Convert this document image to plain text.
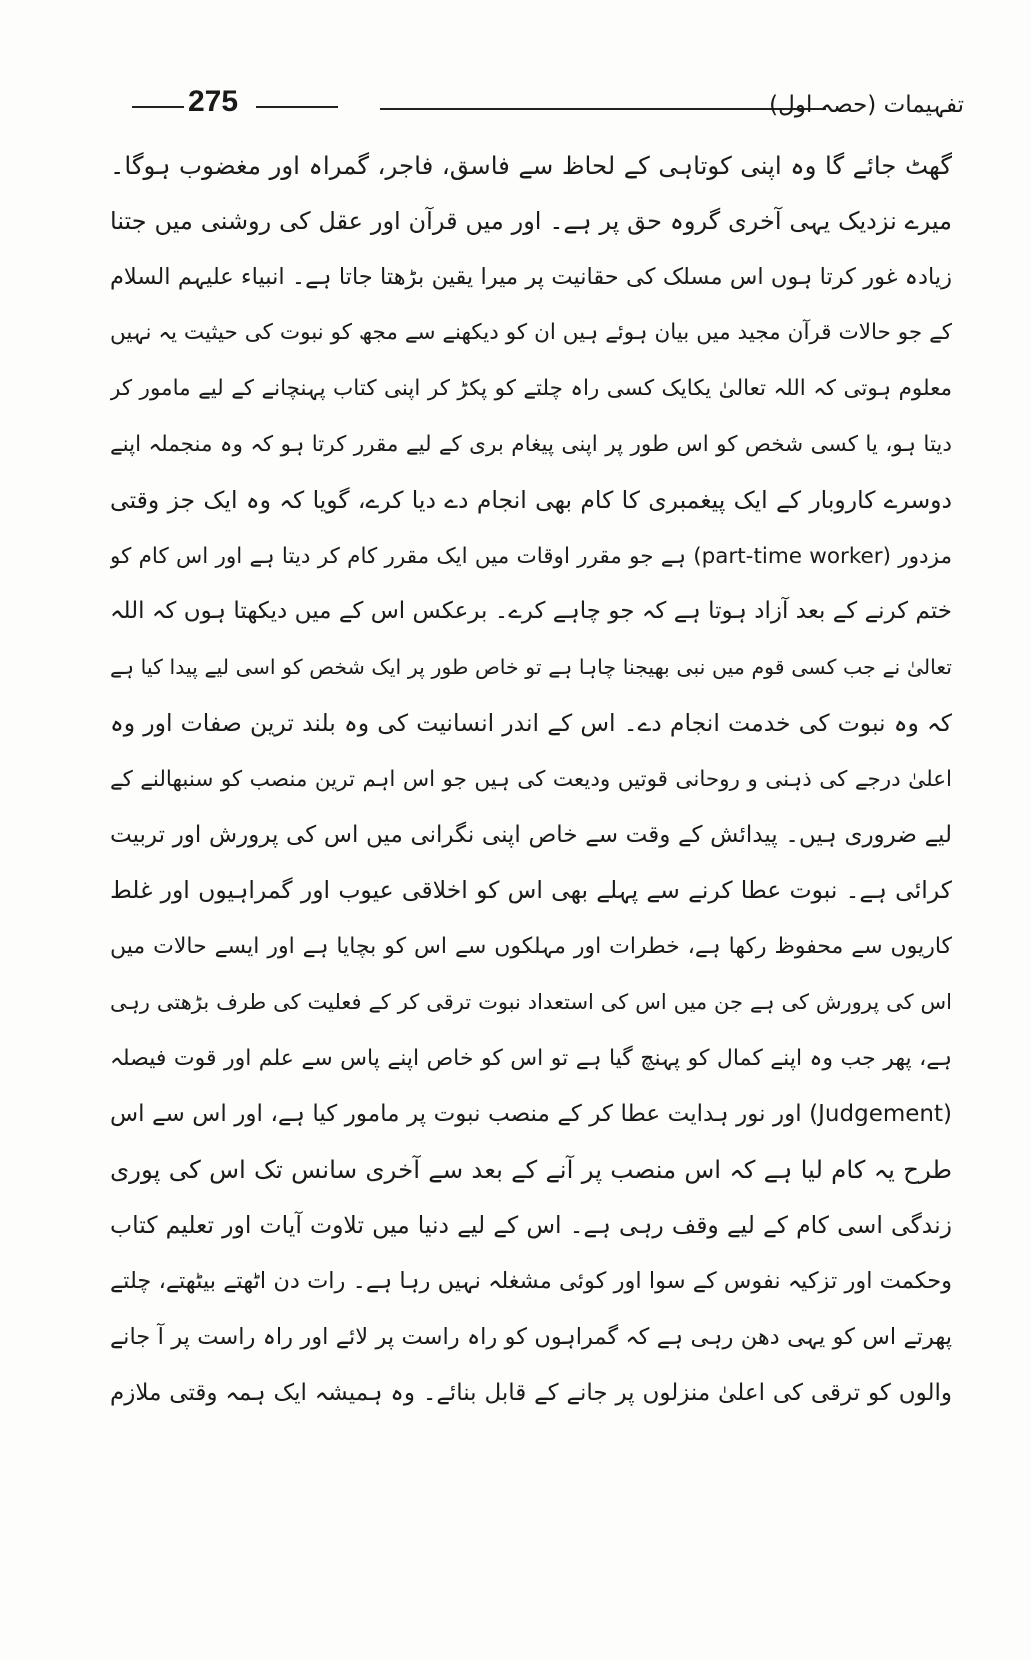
275	تفہیمات (حصہ اول)
گھٹ جائے گا وہ اپنی کوتاہی کے لحاظ سے فاسق، فاجر، گمراہ اور مغضوب ہوگا۔
میرے نزدیک یہی آخری گروہ حق پر ہے۔ اور میں قرآن اور عقل کی روشنی میں جتنا
زیادہ غور کرتا ہوں اس مسلک کی حقانیت پر میرا یقین بڑھتا جاتا ہے۔ انبیاء علیہم السلام
کے جو حالات قرآن مجید میں بیان ہوئے ہیں ان کو دیکھنے سے مجھ کو نبوت کی حیثیت یہ نہیں
معلوم ہوتی کہ اللہ تعالیٰ یکایک کسی راہ چلتے کو پکڑ کر اپنی کتاب پہنچانے کے لیے مامور کر
دیتا ہو، یا کسی شخص کو اس طور پر اپنی پیغام بری کے لیے مقرر کرتا ہو کہ وہ منجملہ اپنے
دوسرے کاروبار کے ایک پیغمبری کا کام بھی انجام دے دیا کرے، گویا کہ وہ ایک جز وقتی
مزدور (part-time worker) ہے جو مقرر اوقات میں ایک مقرر کام کر دیتا ہے اور اس کام کو
ختم کرنے کے بعد آزاد ہوتا ہے کہ جو چاہے کرے۔ برعکس اس کے میں دیکھتا ہوں کہ اللہ
تعالیٰ نے جب کسی قوم میں نبی بھیجنا چاہا ہے تو خاص طور پر ایک شخص کو اسی لیے پیدا کیا ہے
کہ وہ نبوت کی خدمت انجام دے۔ اس کے اندر انسانیت کی وہ بلند ترین صفات اور وہ
اعلیٰ درجے کی ذہنی و روحانی قوتیں ودیعت کی ہیں جو اس اہم ترین منصب کو سنبھالنے کے
لیے ضروری ہیں۔ پیدائش کے وقت سے خاص اپنی نگرانی میں اس کی پرورش اور تربیت
کرائی ہے۔ نبوت عطا کرنے سے پہلے بھی اس کو اخلاقی عیوب اور گمراہیوں اور غلط
کاریوں سے محفوظ رکھا ہے، خطرات اور مہلکوں سے اس کو بچایا ہے اور ایسے حالات میں
اس کی پرورش کی ہے جن میں اس کی استعداد نبوت ترقی کر کے فعلیت کی طرف بڑھتی رہی
ہے، پھر جب وہ اپنے کمال کو پہنچ گیا ہے تو اس کو خاص اپنے پاس سے علم اور قوت فیصلہ
(Judgement) اور نور ہدایت عطا کر کے منصب نبوت پر مامور کیا ہے، اور اس سے اس
طرح یہ کام لیا ہے کہ اس منصب پر آنے کے بعد سے آخری سانس تک اس کی پوری
زندگی اسی کام کے لیے وقف رہی ہے۔ اس کے لیے دنیا میں تلاوت آیات اور تعلیم کتاب
وحکمت اور تزکیہ نفوس کے سوا اور کوئی مشغلہ نہیں رہا ہے۔ رات دن اٹھتے بیٹھتے، چلتے
پھرتے اس کو یہی دھن رہی ہے کہ گمراہوں کو راہ راست پر لائے اور راہ راست پر آ جانے
والوں کو ترقی کی اعلیٰ منزلوں پر جانے کے قابل بنائے۔ وہ ہمیشہ ایک ہمہ وقتی ملازم
